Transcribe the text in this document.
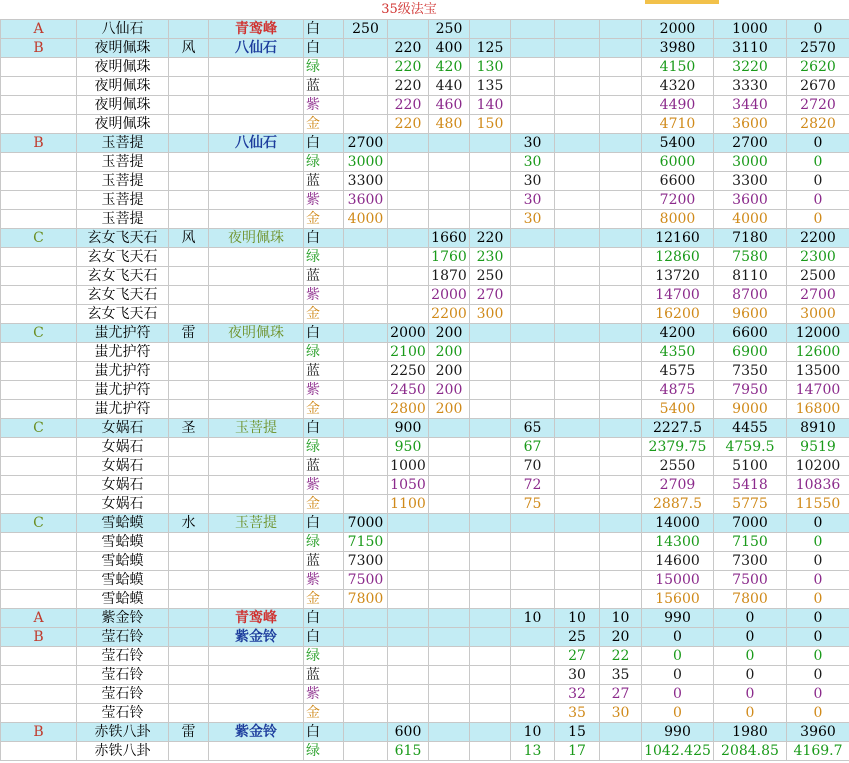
35级法宝
A	八仙石		青鸾峰	白	250		250					2000	1000	0
B	夜明佩珠	风	八仙石	白		220	400	125				3980	3110	2570
	夜明佩珠			绿		220	420	130				4150	3220	2620
	夜明佩珠			蓝		220	440	135				4320	3330	2670
	夜明佩珠			紫		220	460	140				4490	3440	2720
	夜明佩珠			金		220	480	150				4710	3600	2820
B	玉菩提		八仙石	白	2700				30			5400	2700	0
	玉菩提			绿	3000				30			6000	3000	0
	玉菩提			蓝	3300				30			6600	3300	0
	玉菩提			紫	3600				30			7200	3600	0
	玉菩提			金	4000				30			8000	4000	0
C	玄女飞天石	风	夜明佩珠	白			1660	220				12160	7180	2200
	玄女飞天石			绿			1760	230				12860	7580	2300
	玄女飞天石			蓝			1870	250				13720	8110	2500
	玄女飞天石			紫			2000	270				14700	8700	2700
	玄女飞天石			金			2200	300				16200	9600	3000
C	蚩尤护符	雷	夜明佩珠	白		2000	200					4200	6600	12000
	蚩尤护符			绿		2100	200					4350	6900	12600
	蚩尤护符			蓝		2250	200					4575	7350	13500
	蚩尤护符			紫		2450	200					4875	7950	14700
	蚩尤护符			金		2800	200					5400	9000	16800
C	女娲石	圣	玉菩提	白		900			65			2227.5	4455	8910
	女娲石			绿		950			67			2379.75	4759.5	9519
	女娲石			蓝		1000			70			2550	5100	10200
	女娲石			紫		1050			72			2709	5418	10836
	女娲石			金		1100			75			2887.5	5775	11550
C	雪蛤蟆	水	玉菩提	白	7000							14000	7000	0
	雪蛤蟆			绿	7150							14300	7150	0
	雪蛤蟆			蓝	7300							14600	7300	0
	雪蛤蟆			紫	7500							15000	7500	0
	雪蛤蟆			金	7800							15600	7800	0
A	紫金铃		青鸾峰	白					10	10	10	990	0	0
B	莹石铃		紫金铃	白						25	20	0	0	0
	莹石铃			绿						27	22	0	0	0
	莹石铃			蓝						30	35	0	0	0
	莹石铃			紫						32	27	0	0	0
	莹石铃			金						35	30	0	0	0
B	赤铁八卦	雷	紫金铃	白		600			10	15		990	1980	3960
	赤铁八卦			绿		615			13	17		1042.425	2084.85	4169.7
